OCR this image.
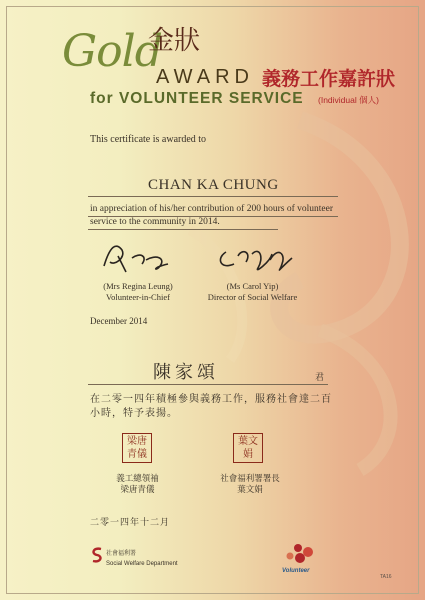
Gold
金狀
AWARD 義務工作嘉許狀
for VOLUNTEER SERVICE (Individual 個人)
This certificate is awarded to
CHAN KA CHUNG
in appreciation of his/her contribution of 200 hours of volunteer service to the community in 2014.
(Mrs Regina Leung)
Volunteer-in-Chief
(Ms Carol Yip)
Director of Social Welfare
December 2014
陳家頌	君
在二零一四年積極參與義務工作，服務社會達二百小時，特予表揚。
梁唐青儀
葉文娟
義工總領袖
梁唐青儀
社會福利署署長
葉文娟
二零一四年十二月
社會福利署
Social Welfare Department
Volunteer
TA16
